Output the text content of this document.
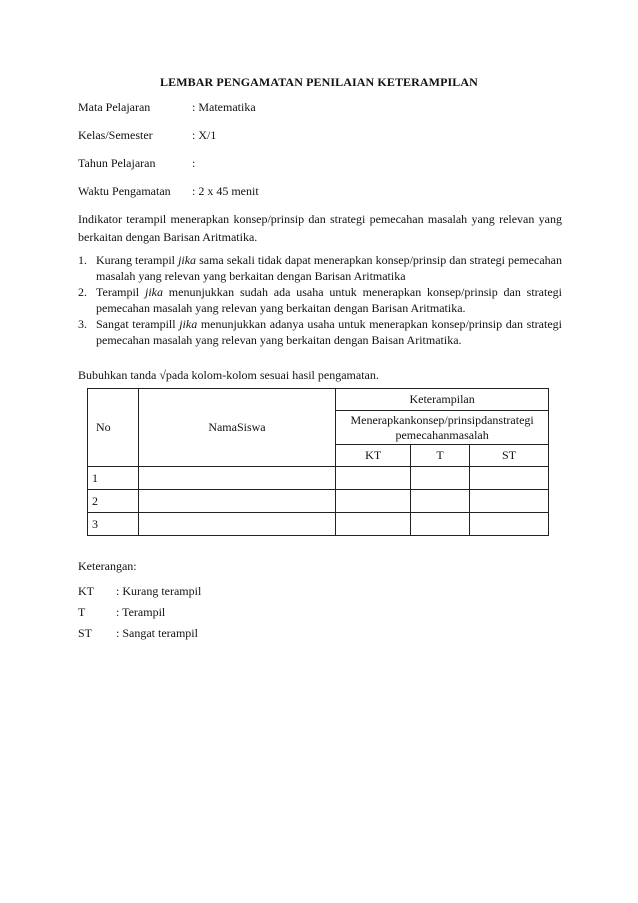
LEMBAR PENGAMATAN PENILAIAN KETERAMPILAN
Mata Pelajaran	: Matematika
Kelas/Semester	: X/1
Tahun Pelajaran	:
Waktu Pengamatan : 2 x 45 menit
Indikator terampil menerapkan konsep/prinsip dan strategi pemecahan masalah yang relevan yang berkaitan dengan Barisan Aritmatika.
1. Kurang terampil jika sama sekali tidak dapat menerapkan konsep/prinsip dan strategi pemecahan masalah yang relevan yang berkaitan dengan Barisan Aritmatika
2. Terampil jika menunjukkan sudah ada usaha untuk menerapkan konsep/prinsip dan strategi pemecahan masalah yang relevan yang berkaitan dengan Barisan Aritmatika.
3. Sangat terampill jika menunjukkan adanya usaha untuk menerapkan konsep/prinsip dan strategi pemecahan masalah yang relevan yang berkaitan dengan Baisan Aritmatika.
Bubuhkan tanda √pada kolom-kolom sesuai hasil pengamatan.
No	NamaSiswa	Keterampilan		
		Menerapkankonsep/prinsipdanstrategi pemecahanmasalah		
		KT	T	ST
1				
2				
3				
Keterangan:
KT : Kurang terampil
T	: Terampil
ST : Sangat terampil
